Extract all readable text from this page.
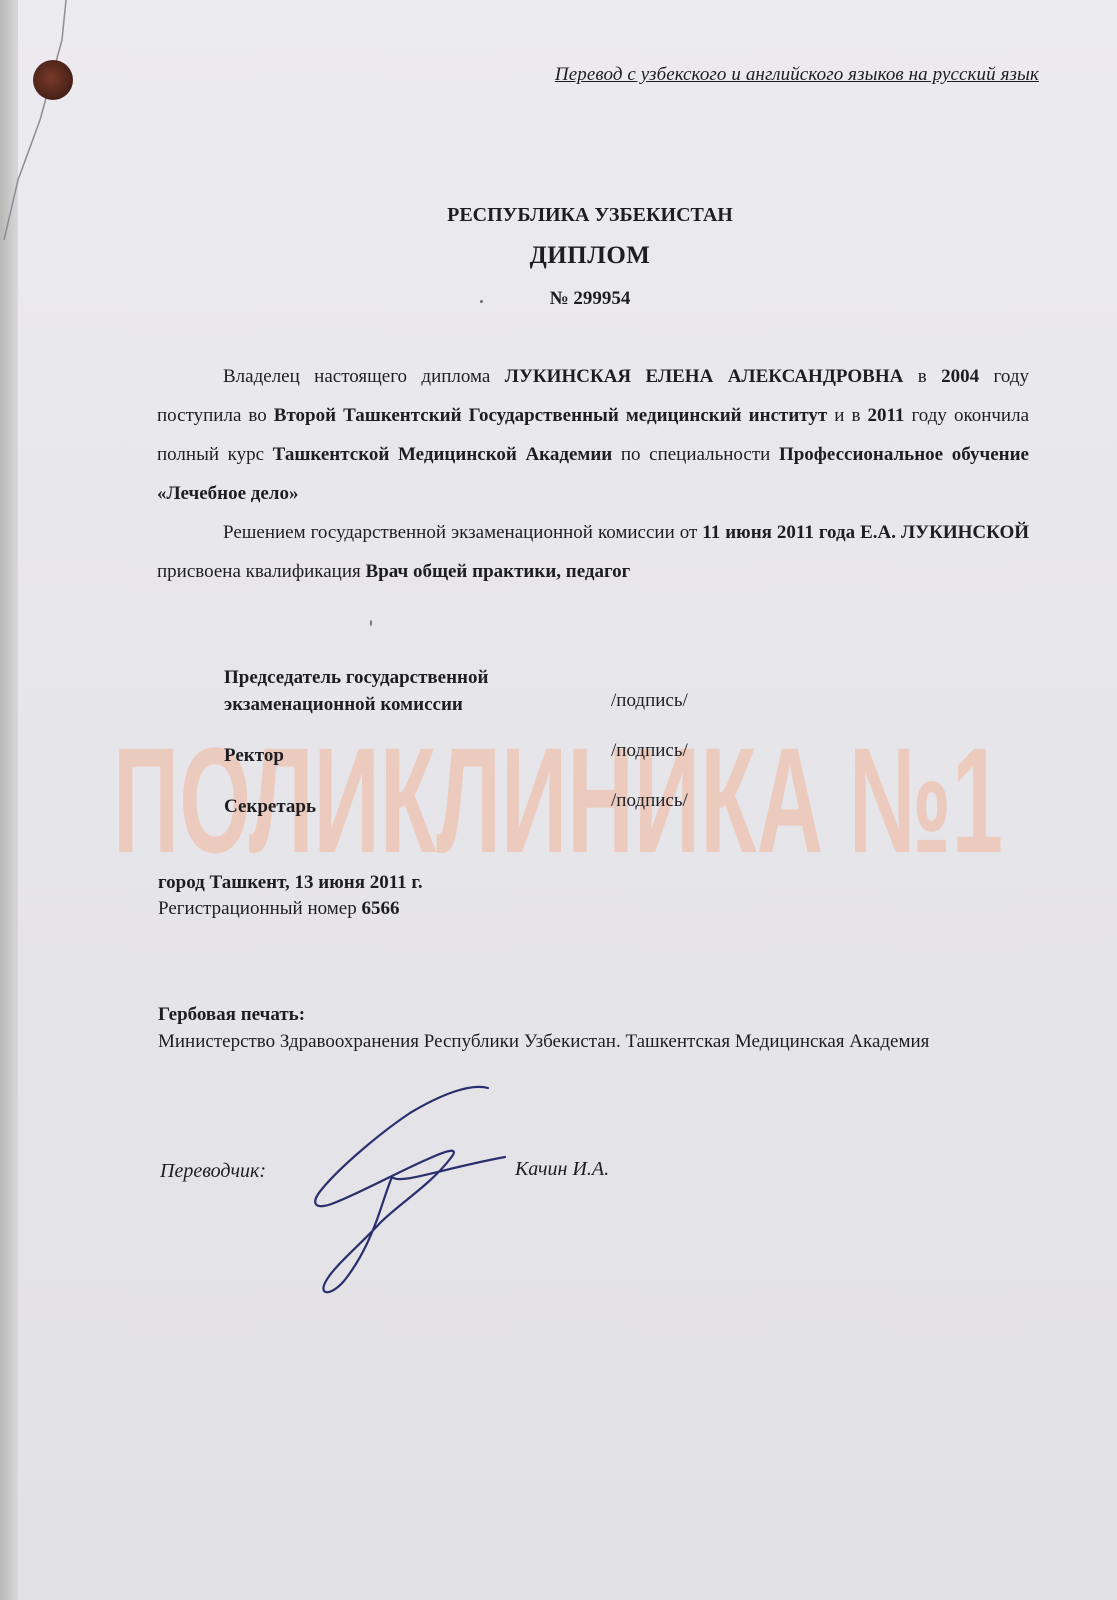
ПОЛИКЛИНИКА №1
Перевод с узбекского и английского языков на русский язык
РЕСПУБЛИКА УЗБЕКИСТАН
ДИПЛОМ
№ 299954
Владелец настоящего диплома ЛУКИНСКАЯ ЕЛЕНА АЛЕКСАНДРОВНА в 2004 году поступила во Второй Ташкентский Государственный медицинский институт и в 2011 году окончила полный курс Ташкентской Медицинской Академии по специальности Профессиональное обучение «Лечебное дело»
Решением государственной экзаменационной комиссии от 11 июня 2011 года Е.А. ЛУКИНСКОЙ присвоена квалификация Врач общей практики, педагог
Председатель государственной
экзаменационной комиссии	/подпись/
Ректор	/подпись/
Секретарь	/подпись/
город Ташкент, 13 июня 2011 г.
Регистрационный номер 6566
Гербовая печать:
Министерство Здравоохранения Республики Узбекистан. Ташкентская Медицинская Академия
Переводчик:	Качин И.А.
